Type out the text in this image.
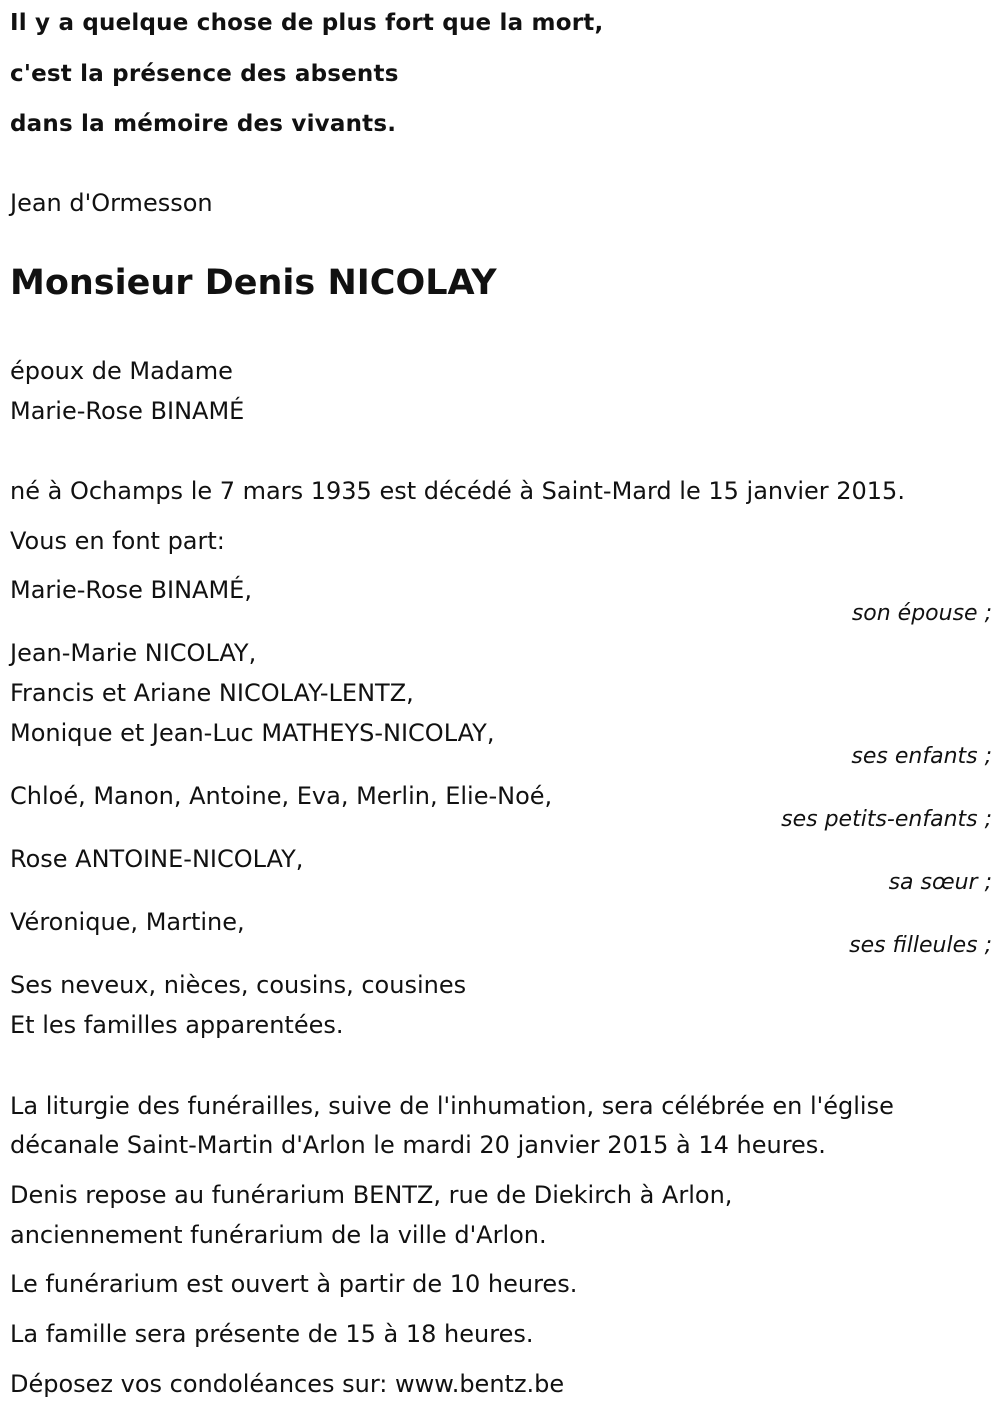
Il y a quelque chose de plus fort que la mort,
c'est la présence des absents
dans la mémoire des vivants.
Jean d'Ormesson
Monsieur Denis NICOLAY
époux de Madame
Marie-Rose BINAMÉ
né à Ochamps le 7 mars 1935 est décédé à Saint-Mard le 15 janvier 2015.
Vous en font part:
Marie-Rose BINAMÉ,
son épouse ;
Jean-Marie NICOLAY,
Francis et Ariane NICOLAY-LENTZ,
Monique et Jean-Luc MATHEYS-NICOLAY,
ses enfants ;
Chloé, Manon, Antoine, Eva, Merlin, Elie-Noé,
ses petits-enfants ;
Rose ANTOINE-NICOLAY,
sa sœur ;
Véronique, Martine,
ses filleules ;
Ses neveux, nièces, cousins, cousines
Et les familles apparentées.
La liturgie des funérailles, suive de l'inhumation, sera célébrée en l'église
décanale Saint-Martin d'Arlon le mardi 20 janvier 2015 à 14 heures.
Denis repose au funérarium BENTZ, rue de Diekirch à Arlon,
anciennement funérarium de la ville d'Arlon.
Le funérarium est ouvert à partir de 10 heures.
La famille sera présente de 15 à 18 heures.
Déposez vos condoléances sur: www.bentz.be
